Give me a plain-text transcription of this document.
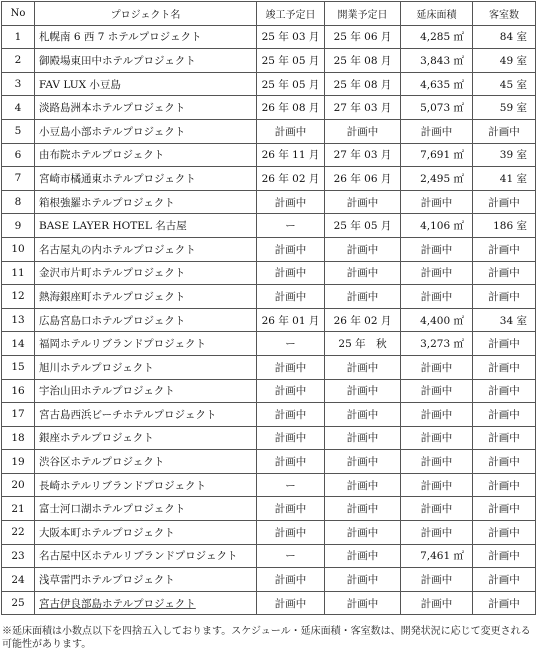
No	プロジェクト名	竣工予定日	開業予定日	延床面積	客室数
1	札幌南 6 西 7 ホテルプロジェクト	25 年 03 月	25 年 06 月	4,285 ㎡	84 室
2	御殿場東田中ホテルプロジェクト	25 年 05 月	25 年 08 月	3,843 ㎡	49 室
3	FAV LUX 小豆島	25 年 05 月	25 年 08 月	4,635 ㎡	45 室
4	淡路島洲本ホテルプロジェクト	26 年 08 月	27 年 03 月	5,073 ㎡	59 室
5	小豆島小部ホテルプロジェクト	計画中	計画中	計画中	計画中
6	由布院ホテルプロジェクト	26 年 11 月	27 年 03 月	7,691 ㎡	39 室
7	宮崎市橘通東ホテルプロジェクト	26 年 02 月	26 年 06 月	2,495 ㎡	41 室
8	箱根強羅ホテルプロジェクト	計画中	計画中	計画中	計画中
9	BASE LAYER HOTEL 名古屋	ー	25 年 05 月	4,106 ㎡	186 室
10	名古屋丸の内ホテルプロジェクト	計画中	計画中	計画中	計画中
11	金沢市片町ホテルプロジェクト	計画中	計画中	計画中	計画中
12	熱海銀座町ホテルプロジェクト	計画中	計画中	計画中	計画中
13	広島宮島口ホテルプロジェクト	26 年 01 月	26 年 02 月	4,400 ㎡	34 室
14	福岡ホテルリブランドプロジェクト	ー	25 年　秋	3,273 ㎡	計画中
15	旭川ホテルプロジェクト	計画中	計画中	計画中	計画中
16	宇治山田ホテルプロジェクト	計画中	計画中	計画中	計画中
17	宮古島西浜ビーチホテルプロジェクト	計画中	計画中	計画中	計画中
18	銀座ホテルプロジェクト	計画中	計画中	計画中	計画中
19	渋谷区ホテルプロジェクト	計画中	計画中	計画中	計画中
20	長崎ホテルリブランドプロジェクト	ー	計画中	計画中	計画中
21	富士河口湖ホテルプロジェクト	計画中	計画中	計画中	計画中
22	大阪本町ホテルプロジェクト	計画中	計画中	計画中	計画中
23	名古屋中区ホテルリブランドプロジェクト	ー	計画中	7,461 ㎡	計画中
24	浅草雷門ホテルプロジェクト	計画中	計画中	計画中	計画中
25	宮古伊良部島ホテルプロジェクト	計画中	計画中	計画中	計画中
※延床面積は小数点以下を四捨五入しております。スケジュール・延床面積・客室数は、開発状況に応じて変更される可能性があります。
